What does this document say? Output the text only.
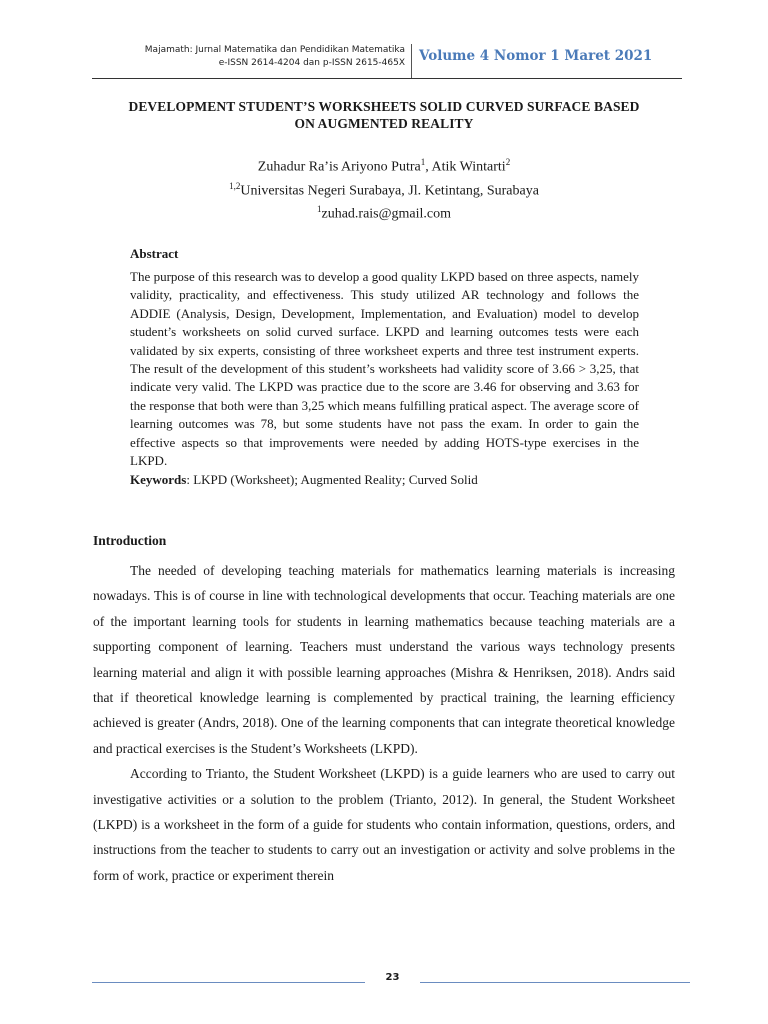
Majamath: Jurnal Matematika dan Pendidikan Matematika
e-ISSN 2614-4204 dan p-ISSN 2615-465X Volume 4 Nomor 1 Maret 2021
DEVELOPMENT STUDENT’S WORKSHEETS SOLID CURVED SURFACE BASED
ON AUGMENTED REALITY
Zuhadur Ra’is Ariyono Putra$^1$, Atik Wintarti$^2$
$^{1,2}$Universitas Negeri Surabaya, Jl. Ketintang, Surabaya
$^1$zuhad.rais@gmail.com
Abstract
The purpose of this research was to develop a good quality LKPD based on three aspects, namely validity, practicality, and effectiveness. This study utilized AR technology and follows the ADDIE (Analysis, Design, Development, Implementation, and Evaluation) model to develop student’s worksheets on solid curved surface. LKPD and learning outcomes tests were each validated by six experts, consisting of three worksheet experts and three test instrument experts. The result of the development of this student’s worksheets had validity score of 3.66 > 3,25, that indicate very valid. The LKPD was practice due to the score are 3.46 for observing and 3.63 for the response that both were than 3,25 which means fulfilling pratical aspect. The average score of learning outcomes was 78, but some students have not pass the exam. In order to gain the effective aspects so that improvements were needed by adding HOTS-type exercises in the LKPD.
Keywords: LKPD (Worksheet); Augmented Reality; Curved Solid
Introduction

The needed of developing teaching materials for mathematics learning materials is increasing nowadays. This is of course in line with technological developments that occur. Teaching materials are one of the important learning tools for students in learning mathematics because teaching materials are a supporting component of learning. Teachers must understand the various ways technology presents learning material and align it with possible learning approaches (Mishra & Henriksen, 2018). Andrs said that if theoretical knowledge learning is complemented by practical training, the learning efficiency achieved is greater (Andrs, 2018). One of the learning components that can integrate theoretical knowledge and practical exercises is the Student’s Worksheets (LKPD).

According to Trianto, the Student Worksheet (LKPD) is a guide learners who are used to carry out investigative activities or a solution to the problem (Trianto, 2012). In general, the Student Worksheet (LKPD) is a worksheet in the form of a guide for students who contain information, questions, orders, and instructions from the teacher to students to carry out an investigation or activity and solve problems in the form of work, practice or experiment therein

23
